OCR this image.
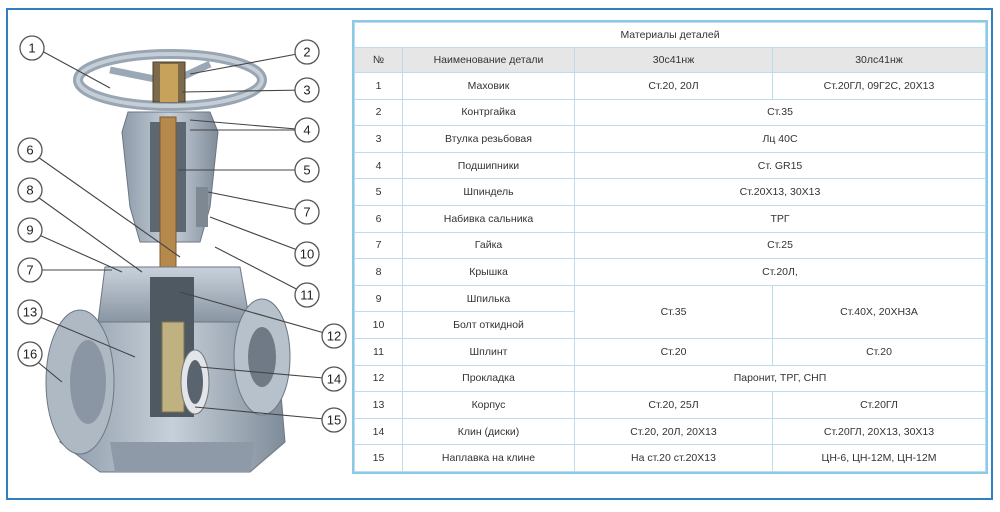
1	2
3
4
5
6
7
8
9
10
11
12
13
14
15
16
7
Материалы деталей			
№	Наименование детали	30с41нж	30лс41нж
1	Маховик	Ст.20, 20Л	Ст.20ГЛ, 09Г2С, 20Х13
2	Контргайка	Ст.35	
3	Втулка резьбовая	Лц 40С	
4	Подшипники	Ст. GR15	
5	Шпиндель	Ст.20Х13, 30Х13	
6	Набивка сальника	ТРГ	
7	Гайка	Ст.25	
8	Крышка	Ст.20Л,	
9	Шпилька	Ст.35	Ст.40Х, 20ХН3А
10	Болт откидной		
11	Шплинт	Ст.20	Ст.20
12	Прокладка	Паронит, ТРГ, СНП	
13	Корпус	Ст.20, 25Л	Ст.20ГЛ
14	Клин (диски)	Ст.20, 20Л, 20Х13	Ст.20ГЛ, 20Х13, 30Х13
15	Наплавка на клине	На ст.20 ст.20Х13	ЦН-6, ЦН-12М, ЦН-12М
